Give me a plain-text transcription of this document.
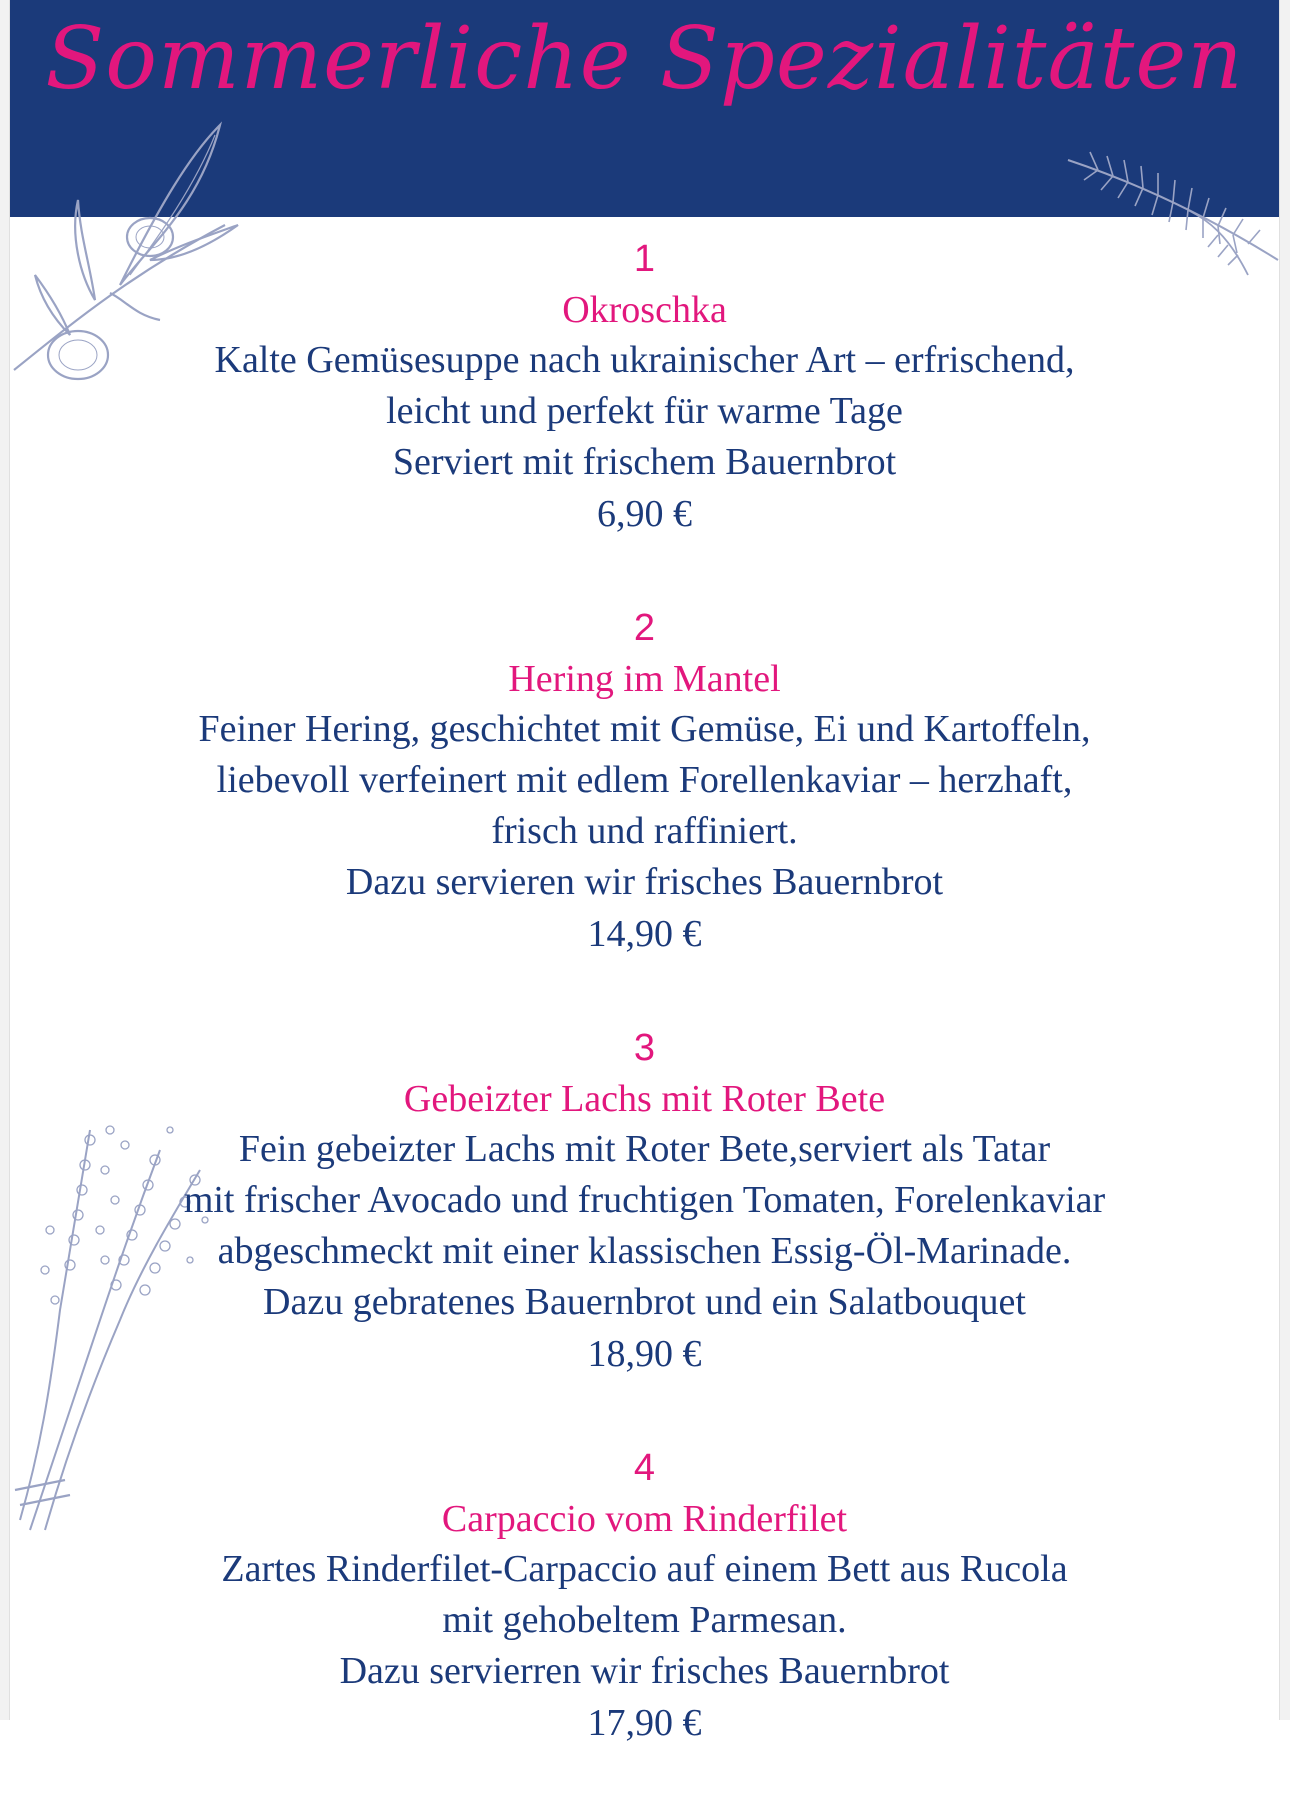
Sommerliche Spezialitäten
1
Okroschka
Kalte Gemüsesuppe nach ukrainischer Art – erfrischend,
leicht und perfekt für warme Tage
Serviert mit frischem Bauernbrot
6,90 €
2
Hering im Mantel
Feiner Hering, geschichtet mit Gemüse, Ei und Kartoffeln,
liebevoll verfeinert mit edlem Forellenkaviar – herzhaft,
frisch und raffiniert.
Dazu servieren wir frisches Bauernbrot
14,90 €
3
Gebeizter Lachs mit Roter Bete
Fein gebeizter Lachs mit Roter Bete,serviert als Tatar
mit frischer Avocado und fruchtigen Tomaten, Forelenkaviar
abgeschmeckt mit einer klassischen Essig-Öl-Marinade.
Dazu gebratenes Bauernbrot und ein Salatbouquet
18,90 €
4
Carpaccio vom Rinderfilet
Zartes Rinderfilet-Carpaccio auf einem Bett aus Rucola
mit gehobeltem Parmesan.
Dazu servierren wir frisches Bauernbrot
17,90 €
